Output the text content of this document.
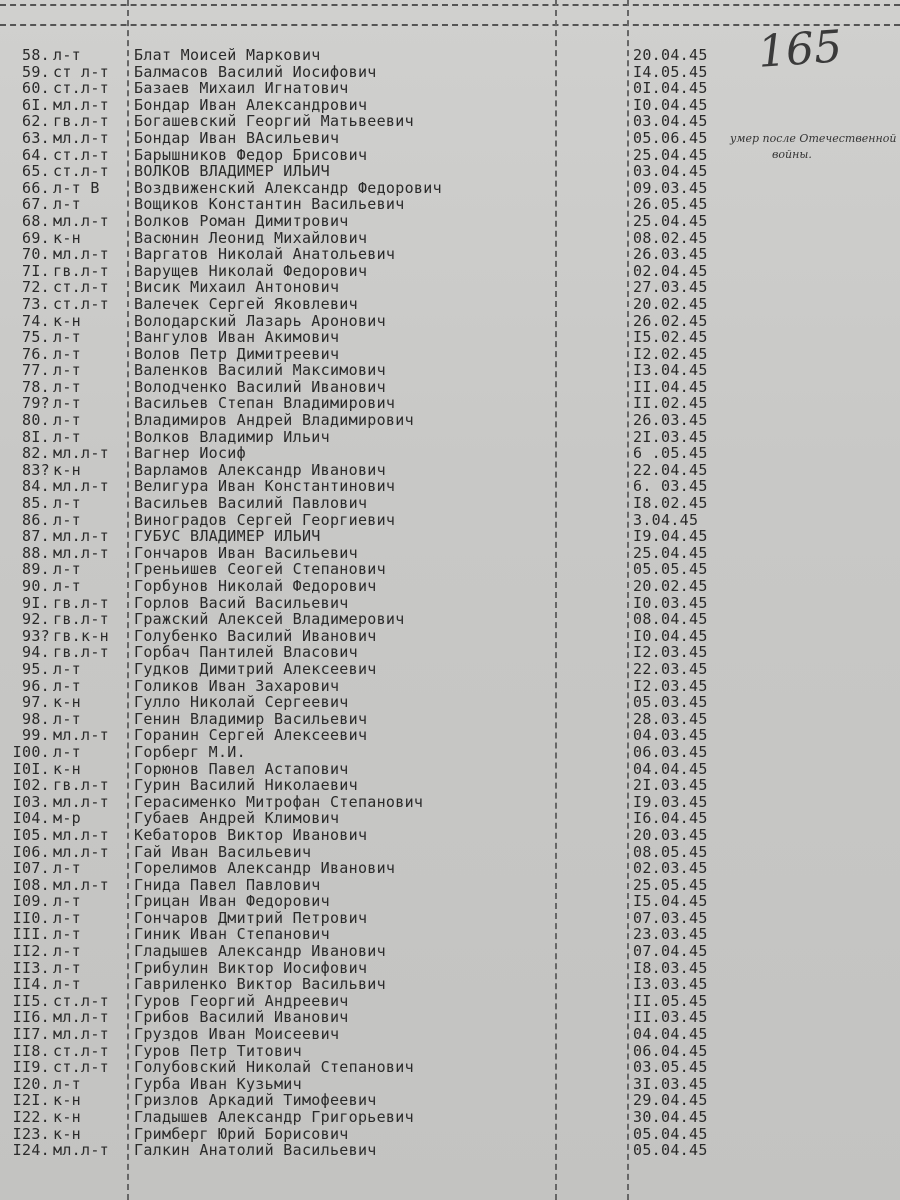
165
умер после Отечественной
войны.
58. л-т	Блат Моисей Маркович	20.04.45
59. ст л-т	Балмасов Василий Иосифович	I4.05.45
60. ст.л-т	Базаев Михаил Игнатович	0I.04.45
6I. мл.л-т	Бондар Иван Александрович	I0.04.45
62. гв.л-т	Богашевский Георгий Матьвеевич	03.04.45
63. мл.л-т	Бондар Иван ВАсильевич	05.06.45
64. ст.л-т	Барышников Федор Брисович	25.04.45
65. ст.л-т	ВОЛКОВ ВЛАДИМЕР ИЛЬИЧ	03.04.45
66. л-т В	Воздвиженский Александр Федорович	09.03.45
67. л-т	Вощиков Константин Васильевич	26.05.45
68. мл.л-т	Волков Роман Димитрович	25.04.45
69. к-н	Васюнин Леонид Михайлович	08.02.45
70. мл.л-т	Варгатов Николай Анатольевич	26.03.45
7I. гв.л-т	Варущев Николай Федорович	02.04.45
72. ст.л-т	Висик Михаил Антонович	27.03.45
73. ст.л-т	Валечек Сергей Яковлевич	20.02.45
74. к-н	Володарский Лазарь Аронович	26.02.45
75. л-т	Вангулов Иван Акимович	I5.02.45
76. л-т	Волов Петр Димитреевич	I2.02.45
77. л-т	Валенков Василий Максимович	I3.04.45
78. л-т	Володченко Василий Иванович	II.04.45
79? л-т	Васильев Степан Владимирович	II.02.45
80. л-т	Владимиров Андрей Владимирович	26.03.45
8I. л-т	Волков Владимир Ильич	2I.03.45
82. мл.л-т	Вагнер Иосиф	6 .05.45
83? к-н	Варламов Александр Иванович	22.04.45
84. мл.л-т	Велигура Иван Константинович	6. 03.45
85. л-т	Васильев Василий Павлович	I8.02.45
86. л-т	Виноградов Сергей Георгиевич	3.04.45
87. мл.л-т	ГУБУС ВЛАДИМЕР ИЛЬИЧ	I9.04.45
88. мл.л-т	Гончаров Иван Васильевич	25.04.45
89. л-т	Греньишев Сеогей Степанович	05.05.45
90. л-т	Горбунов Николай Федорович	20.02.45
9I. гв.л-т	Горлов Васий Васильевич	I0.03.45
92. гв.л-т	Гражский Алексей Владимерович	08.04.45
93? гв.к-н	Голубенко Василий Иванович	I0.04.45
94. гв.л-т	Горбач Пантилей Власович	I2.03.45
95. л-т	Гудков Димитрий Алексеевич	22.03.45
96. л-т	Голиков Иван Захарович	I2.03.45
97. к-н	Гулло Николай Сергеевич	05.03.45
98. л-т	Генин Владимир Васильевич	28.03.45
99. мл.л-т	Горанин Сергей Алексеевич	04.03.45
I00. л-т	Горберг М.И.	06.03.45
I0I. к-н	Горюнов Павел Астапович	04.04.45
I02. гв.л-т	Гурин Василий Николаевич	2I.03.45
I03. мл.л-т	Герасименко Митрофан Степанович	I9.03.45
I04. м-р	Губаев Андрей Климович	I6.04.45
I05. мл.л-т	Кебаторов Виктор Иванович	20.03.45
I06. мл.л-т	Гай Иван Васильевич	08.05.45
I07. л-т	Горелимов Александр Иванович	02.03.45
I08. мл.л-т	Гнида Павел Павлович	25.05.45
I09. л-т	Грицан Иван Федорович	I5.04.45
II0. л-т	Гончаров Дмитрий Петрович	07.03.45
III. л-т	Гиник Иван Степанович	23.03.45
II2. л-т	Гладышев Александр Иванович	07.04.45
II3. л-т	Грибулин Виктор Иосифович	I8.03.45
II4. л-т	Гавриленко Виктор Васильвич	I3.03.45
II5. ст.л-т	Гуров Георгий Андреевич	II.05.45
II6. мл.л-т	Грибов Василий Иванович	II.03.45
II7. мл.л-т	Груздов Иван Моисеевич	04.04.45
II8. ст.л-т	Гуров Петр Титович	06.04.45
II9. ст.л-т	Голубовский Николай Степанович	03.05.45
I20. л-т	Гурба Иван Кузьмич	3I.03.45
I2I. к-н	Гризлов Аркадий Тимофеевич	29.04.45
I22. к-н	Гладышев Александр Григорьевич	30.04.45
I23. к-н	Гримберг Юрий Борисович	05.04.45
I24. мл.л-т	Галкин Анатолий Васильевич	05.04.45
